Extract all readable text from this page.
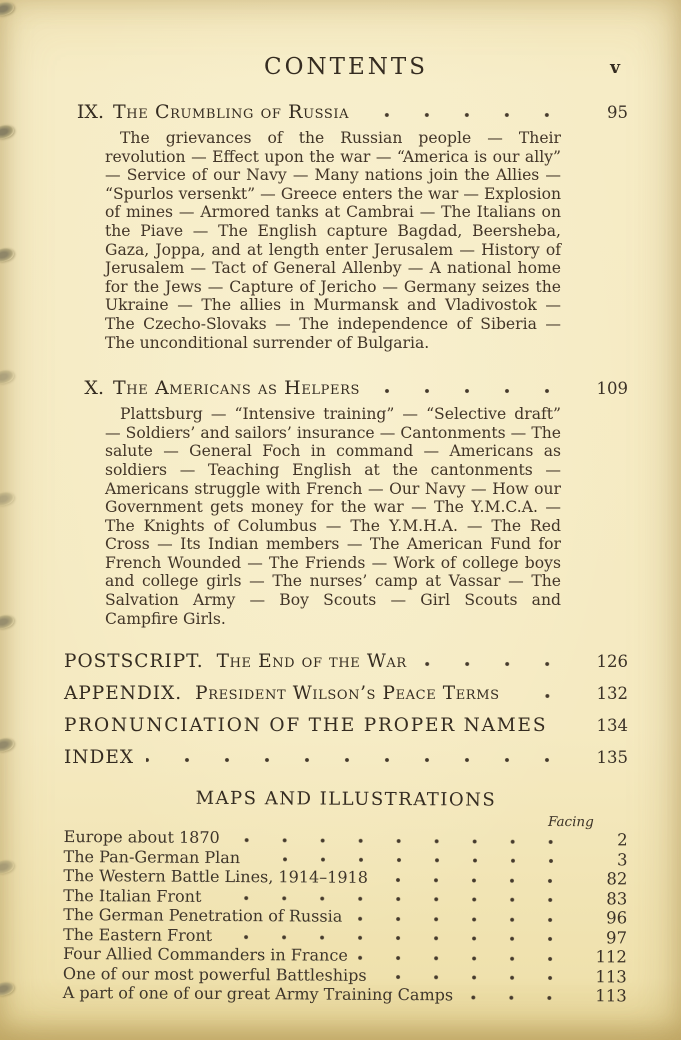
CONTENTS	v
IX. The Crumbling of Russia	95

The grievances of the Russian people — Their revolution — Effect upon the war — “America is our ally” — Service of our Navy — Many nations join the Allies — “Spurlos versenkt” — Greece enters the war — Explosion of mines — Armored tanks at Cambrai — The Italians on the Piave — The English capture Bagdad, Beersheba, Gaza, Joppa, and at length enter Jerusalem — History of Jerusalem — Tact of General Allenby — A national home for the Jews — Capture of Jericho — Germany seizes the Ukraine — The allies in Murmansk and Vladivostok — The Czecho-Slovaks — The independence of Siberia — The unconditional surrender of Bulgaria.

X. The Americans as Helpers	109

Plattsburg — “Intensive training” — “Selective draft” — Soldiers’ and sailors’ insurance — Cantonments — The salute — General Foch in command — Americans as soldiers — Teaching English at the cantonments — Americans struggle with French — Our Navy — How our Government gets money for the war — The Y.M.C.A. — The Knights of Columbus — The Y.M.H.A. — The Red Cross — Its Indian members — The American Fund for French Wounded — The Friends — Work of college boys and college girls — The nurses’ camp at Vassar — The Salvation Army — Boy Scouts — Girl Scouts and Campfire Girls.

POSTSCRIPT. The End of the War	126
APPENDIX. President Wilson’s Peace Terms	132
PRONUNCIATION OF THE PROPER NAMES	134
INDEX	135
MAPS AND ILLUSTRATIONS
Facing
Europe about 1870	2
The Pan-German Plan	3
The Western Battle Lines, 1914–1918	82
The Italian Front	83
The German Penetration of Russia	96
The Eastern Front	97
Four Allied Commanders in France	112
One of our most powerful Battleships	113
A part of one of our great Army Training Camps	113
